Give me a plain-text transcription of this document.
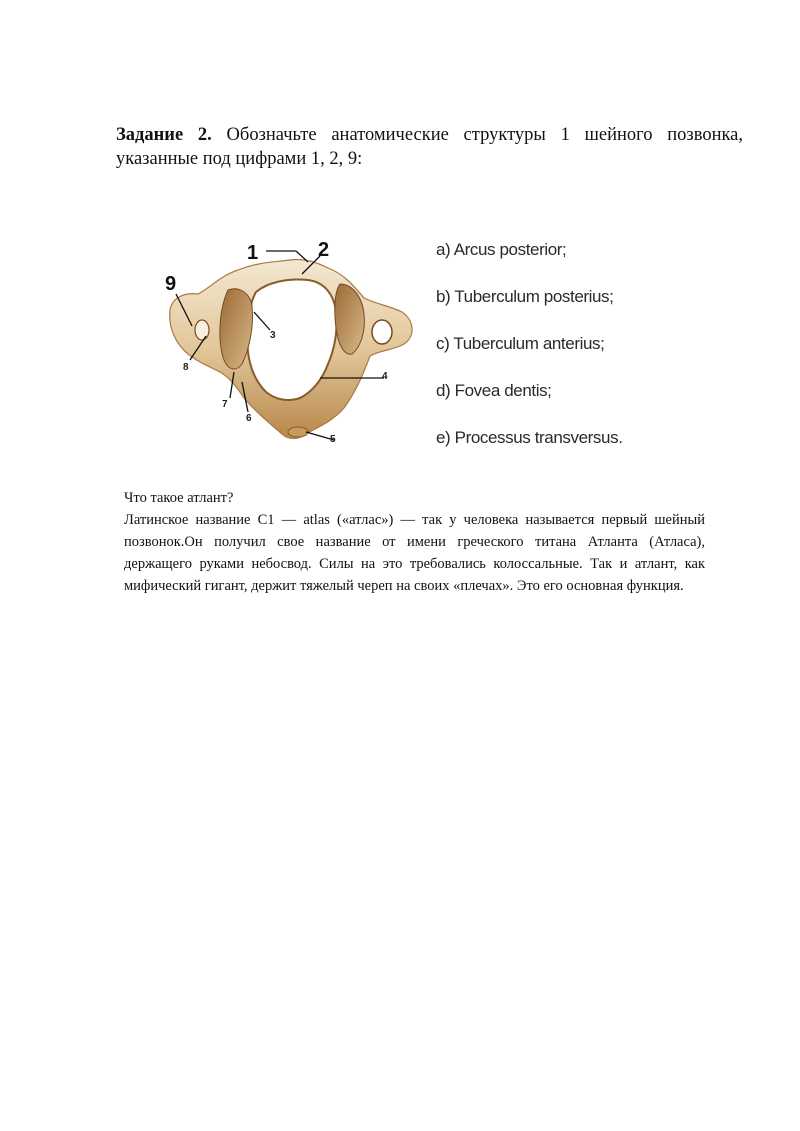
Задание 2. Обозначьте анатомические структуры 1 шейного позвонка, указанные под цифрами 1, 2, 9:
1	2
9
3
4
5
6
7
8
a) Arcus posterior;
b) Tuberculum posterius;
c) Tuberculum anterius;
d) Fovea dentis;
e) Processus transversus.

Что такое атлант?

Латинское название C1 — atlas («атлас») — так у человека называется первый шейный позвонок.Он получил свое название от имени греческого титана Атланта (Атласа), держащего руками небосвод. Силы на это требовались колоссальные. Так и атлант, как мифический гигант, держит тяжелый череп на своих «плечах». Это его основная функция.
